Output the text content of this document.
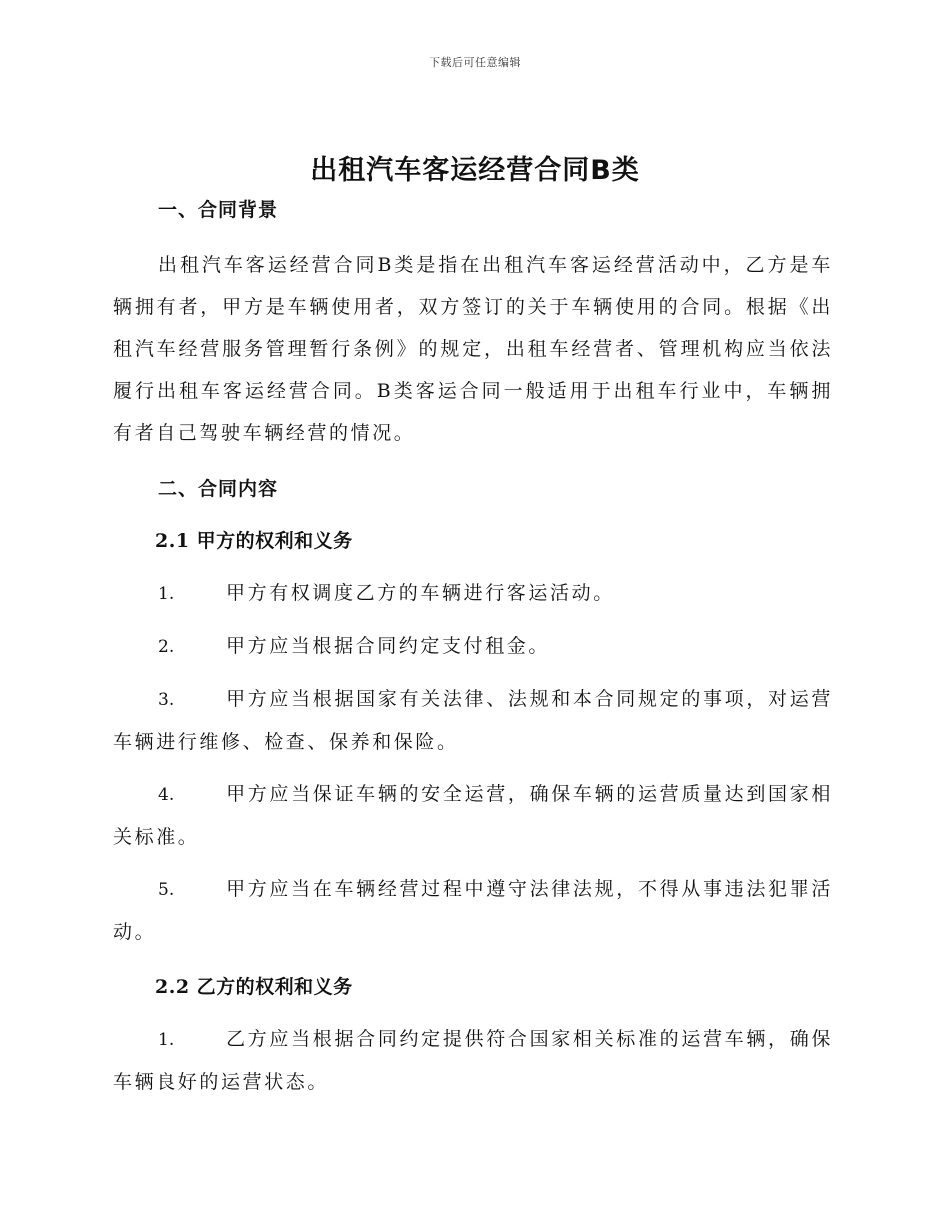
下载后可任意编辑
出租汽车客运经营合同B类
一、合同背景

出租汽车客运经营合同B类是指在出租汽车客运经营活动中，乙方是车辆拥有者，甲方是车辆使用者，双方签订的关于车辆使用的合同。根据《出租汽车经营服务管理暂行条例》的规定，出租车经营者、管理机构应当依法履行出租车客运经营合同。B类客运合同一般适用于出租车行业中，车辆拥有者自己驾驶车辆经营的情况。

二、合同内容
2.1 甲方的权利和义务

1.	甲方有权调度乙方的车辆进行客运活动。

2.	甲方应当根据合同约定支付租金。

3.	甲方应当根据国家有关法律、法规和本合同规定的事项，对运营车辆进行维修、检查、保养和保险。

4.	甲方应当保证车辆的安全运营，确保车辆的运营质量达到国家相关标准。

5.	甲方应当在车辆经营过程中遵守法律法规，不得从事违法犯罪活动。

2.2 乙方的权利和义务

1.	乙方应当根据合同约定提供符合国家相关标准的运营车辆，确保车辆良好的运营状态。
